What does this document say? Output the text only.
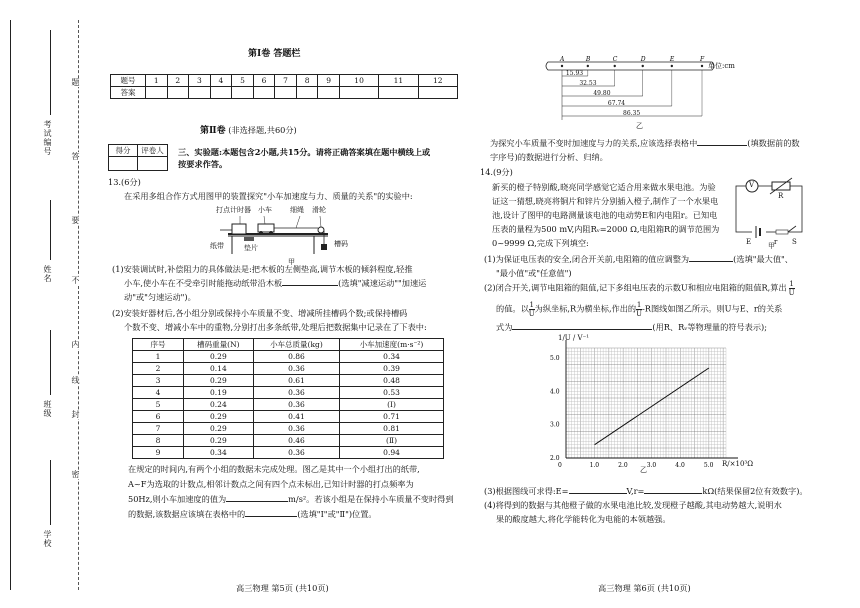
考试编号
姓名
班级
学校
题
答
要
不
内
线
封
密
第Ⅰ卷 答题栏
题号	1	2	3	4	5	6	7	8	9	10	11	12
答案												
第Ⅱ卷 (非选择题,共60分)
得分	评卷人
	三、实验题:本题包含2小题,共15分。请将正确答案填在题中横线上或
按要求作答。
13.(6分)
在采用多组合作方式用图甲的装置探究"小车加速度与力、质量的关系"的实验中:
打点计时器 小车	细绳 滑轮
纸带	垫片	槽码
甲
(1)安装调试时,补偿阻力的具体做法是:把木板的左侧垫高,调节木板的倾斜程度,轻推
小车,使小车在不受牵引时能拖动纸带沿木板	(选填"减速运动""加速运
动"或"匀速运动")。
(2)安装好器材后,各小组分别或保持小车质量不变、增减所挂槽码个数;或保持槽码
个数不变、增减小车中的重物,分别打出多条纸带,处理后把数据集中记录在了下表中:
序号	槽码重量(N)	小车总质量(kg)	小车加速度(m·s⁻²)
1	0.29	0.86	0.34
2	0.14	0.36	0.39
3	0.29	0.61	0.48
4	0.19	0.36	0.53
5	0.24	0.36	(Ⅰ)
6	0.29	0.41	0.71
7	0.29	0.36	0.81
8	0.29	0.46	(Ⅱ)
9	0.34	0.36	0.94
在规定的时间内,有两个小组的数据未完成处理。图乙是其中一个小组打出的纸带,
A~F为选取的计数点,相邻计数点之间有四个点未标出,已知计时器的打点频率为
50Hz,则小车加速度的值为	m/s²。若该小组是在保持小车质量不变时得到
的数据,该数据应该填在表格中的	(选填"Ⅰ"或"Ⅱ")位置。
高三物理 第5页 (共10页)
A	B	C	D	E	F
15.93
32.53
49.80
67.74
86.35
单位:cm
乙
为探究小车质量不变时加速度与力的关系,应该选择表格中	(填数据前的数
字序号)的数据进行分析、归纳。
14.(9分)
新买的橙子特别酸,晓亮同学感觉它适合用来做水果电池。为验
证这一猜想,晓亮将铜片和锌片分别插入橙子,制作了一个水果电
池,设计了图甲的电路测量该电池的电动势E和内电阻r。已知电
压表的量程为500 mV,内阻Rᵥ=2000 Ω,电阻箱R的调节范围为
0~9999 Ω,完成下列填空:
V
R
E	r S
甲
(1)为保证电压表的安全,闭合开关前,电阻箱的值应调整为	(选填"最大值"、
"最小值"或"任意值")
(2)闭合开关,调节电阻箱的阻值,记下多组电压表的示数U和相应电阻箱的阻值R,算出 $\frac{1}{U}$
的值。以 $\frac{1}{U}$ 为纵坐标,R为横坐标,作出的 $\frac{1}{U} -R$图线如图乙所示。则U与E、r的关系
式为	(用R、Rᵥ等物理量的符号表示);
2.0
3.0
4.0
5.0
0	1.0	2.0	3.0	4.0	5.0
1/U / V⁻¹
R/×10³Ω
乙
(3)根据图线可求得:E=	V,r=	kΩ(结果保留2位有效数字)。
(4)将得到的数据与其他橙子做的水果电池比较,发现橙子越酸,其电动势越大,说明水
果的酸度越大,将化学能转化为电能的本领越强。
高三物理 第6页 (共10页)
